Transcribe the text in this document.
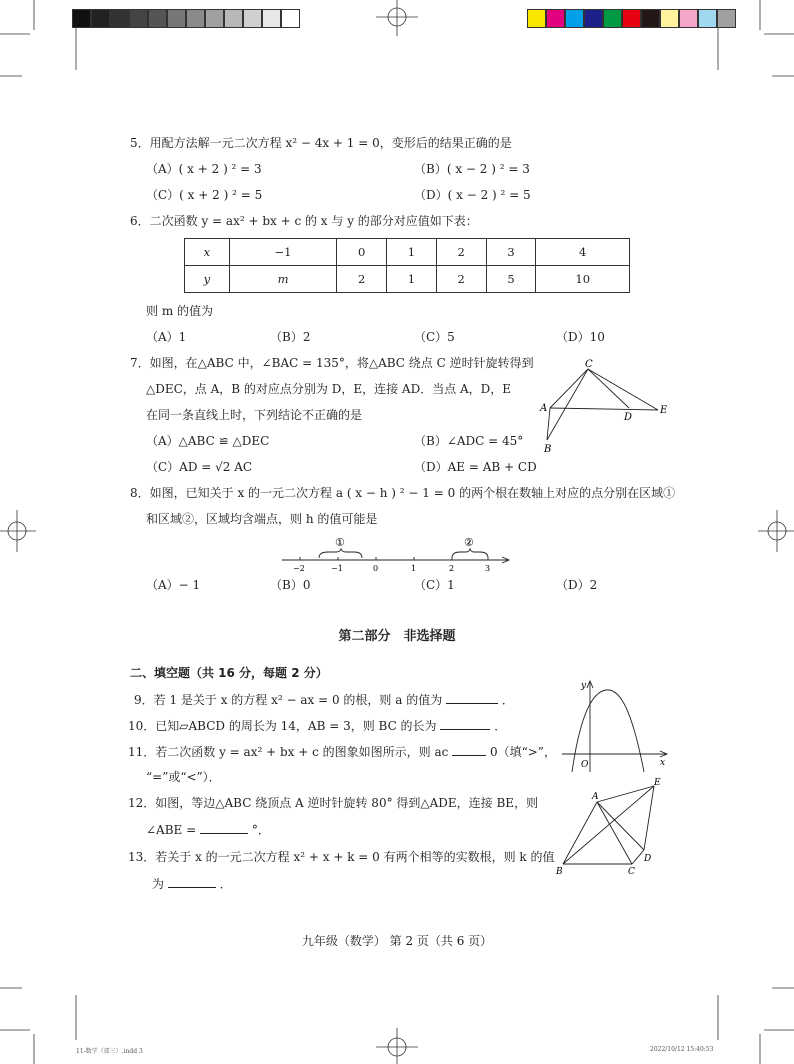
5．用配方法解一元二次方程 x² − 4x + 1 = 0，变形后的结果正确的是
（A）( x + 2 ) ² = 3	（B）( x − 2 ) ² = 3
（C）( x + 2 ) ² = 5	（D）( x − 2 ) ² = 5
6．二次函数 y = ax² + bx + c 的 x 与 y 的部分对应值如下表：
x	−1	0	1	2	3	4
y	m	2	1	2	5	10
则 m 的值为
（A）1	（B）2	（C）5	（D）10
7．如图，在△ABC 中，∠BAC = 135°，将△ABC 绕点 C 逆时针旋转得到
△DEC，点 A，B 的对应点分别为 D，E，连接 AD．当点 A，D，E
在同一条直线上时，下列结论不正确的是
（A）△ABC ≌ △DEC	（B）∠ADC = 45°
（C）AD = √2 AC	（D）AE = AB + CD
C
A
B
D
E
8．如图，已知关于 x 的一元二次方程 a ( x − h ) ² − 1 = 0 的两个根在数轴上对应的点分别在区域①
和区域②，区域均含端点，则 h 的值可能是
−2	−1	0	1	2	3
①	②
（A）− 1	（B）0	（C）1	（D）2
第二部分　非选择题
二、填空题（共 16 分，每题 2 分）
9．若 1 是关于 x 的方程 x² − ax = 0 的根，则 a 的值为	．
10．已知▱ABCD 的周长为 14，AB = 3，则 BC 的长为	．
11．若二次函数 y = ax² + bx + c 的图象如图所示，则 ac	0（填“>”，
“=”或“<”）．
y
x
O
12．如图，等边△ABC 绕顶点 A 逆时针旋转 80° 得到△ADE，连接 BE，则
∠ABE =	°．
A
B	C
D
E
13．若关于 x 的一元二次方程 x² + x + k = 0 有两个相等的实数根，则 k 的值
为	．
九年级（数学） 第 2 页（共 6 页）
11-数学（郊三）.indd 3	2022/10/12 15:40:53
